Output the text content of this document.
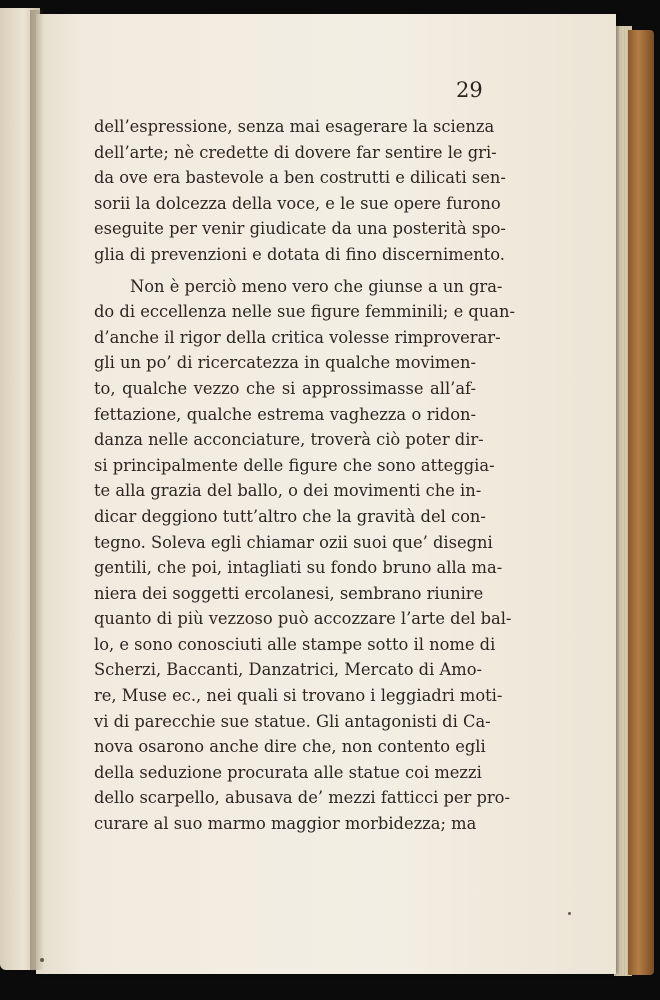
29
dell’espressione, senza mai esagerare la scienza
dell’arte; nè credette di dovere far sentire le gri-
da ove era bastevole a ben costrutti e dilicati sen-
sorii la dolcezza della voce, e le sue opere furono
eseguite per venir giudicate da una posterità spo-
glia di prevenzioni e dotata di fino discernimento.
Non è perciò meno vero che giunse a un gra-
do di eccellenza nelle sue figure femminili; e quan-
d’anche il rigor della critica volesse rimproverar-
gli un po’ di ricercatezza in qualche movimen-
to, qualche vezzo che si approssimasse all’af-
fettazione, qualche estrema vaghezza o ridon-
danza nelle acconciature, troverà ciò poter dir-
si principalmente delle figure che sono atteggia-
te alla grazia del ballo, o dei movimenti che in-
dicar deggiono tutt’altro che la gravità del con-
tegno. Soleva egli chiamar ozii suoi que’ disegni
gentili, che poi, intagliati su fondo bruno alla ma-
niera dei soggetti ercolanesi, sembrano riunire
quanto di più vezzoso può accozzare l’arte del bal-
lo, e sono conosciuti alle stampe sotto il nome di
Scherzi, Baccanti, Danzatrici, Mercato di Amo-
re, Muse ec., nei quali si trovano i leggiadri moti-
vi di parecchie sue statue. Gli antagonisti di Ca-
nova osarono anche dire che, non contento egli
della seduzione procurata alle statue coi mezzi
dello scarpello, abusava de’ mezzi fatticci per pro-
curare al suo marmo maggior morbidezza; ma
